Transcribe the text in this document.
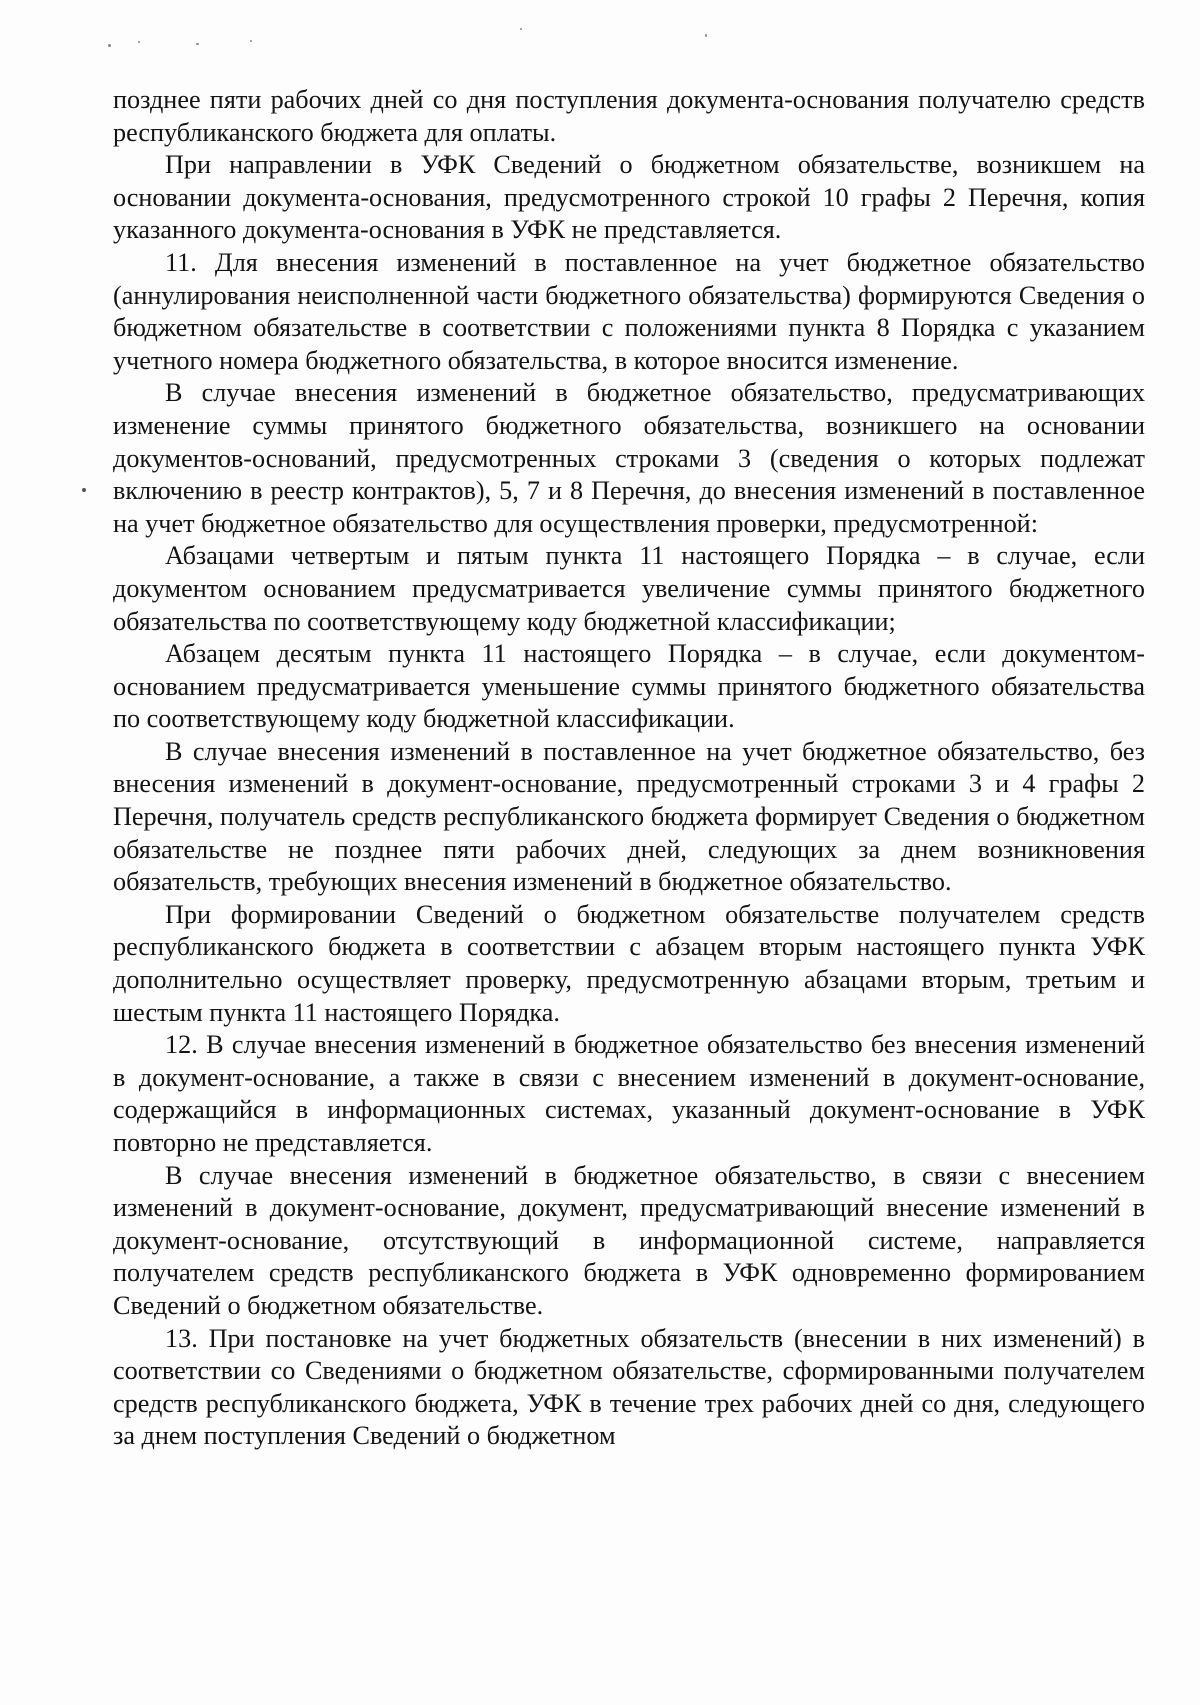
позднее пяти рабочих дней со дня поступления документа-основания получателю средств республиканского бюджета для оплаты.

При направлении в УФК Сведений о бюджетном обязательстве, возникшем на основании документа-основания, предусмотренного строкой 10 графы 2 Перечня, копия указанного документа-основания в УФК не представляется.

11. Для внесения изменений в поставленное на учет бюджетное обязательство (аннулирования неисполненной части бюджетного обязательства) формируются Сведения о бюджетном обязательстве в соответствии с положениями пункта 8 Порядка с указанием учетного номера бюджетного обязательства, в которое вносится изменение.

В случае внесения изменений в бюджетное обязательство, предусматривающих изменение суммы принятого бюджетного обязательства, возникшего на основании документов-оснований, предусмотренных строками 3 (сведения о которых подлежат включению в реестр контрактов), 5, 7 и 8 Перечня, до внесения изменений в поставленное на учет бюджетное обязательство для осуществления проверки, предусмотренной:

Абзацами четвертым и пятым пункта 11 настоящего Порядка – в случае, если документом основанием предусматривается увеличение суммы принятого бюджетного обязательства по соответствующему коду бюджетной классификации;

Абзацем десятым пункта 11 настоящего Порядка – в случае, если документом-основанием предусматривается уменьшение суммы принятого бюджетного обязательства по соответствующему коду бюджетной классификации.

В случае внесения изменений в поставленное на учет бюджетное обязательство, без внесения изменений в документ-основание, предусмотренный строками 3 и 4 графы 2 Перечня, получатель средств республиканского бюджета формирует Сведения о бюджетном обязательстве не позднее пяти рабочих дней, следующих за днем возникновения обязательств, требующих внесения изменений в бюджетное обязательство.

При формировании Сведений о бюджетном обязательстве получателем средств республиканского бюджета в соответствии с абзацем вторым настоящего пункта УФК дополнительно осуществляет проверку, предусмотренную абзацами вторым, третьим и шестым пункта 11 настоящего Порядка.

12. В случае внесения изменений в бюджетное обязательство без внесения изменений в документ-основание, а также в связи с внесением изменений в документ-основание, содержащийся в информационных системах, указанный документ-основание в УФК повторно не представляется.

В случае внесения изменений в бюджетное обязательство, в связи с внесением изменений в документ-основание, документ, предусматривающий внесение изменений в документ-основание, отсутствующий в информационной системе, направляется получателем средств республиканского бюджета в УФК одновременно формированием Сведений о бюджетном обязательстве.

13. При постановке на учет бюджетных обязательств (внесении в них изменений) в соответствии со Сведениями о бюджетном обязательстве, сформированными получателем средств республиканского бюджета, УФК в течение трех рабочих дней со дня, следующего за днем поступления Сведений о бюджетном
